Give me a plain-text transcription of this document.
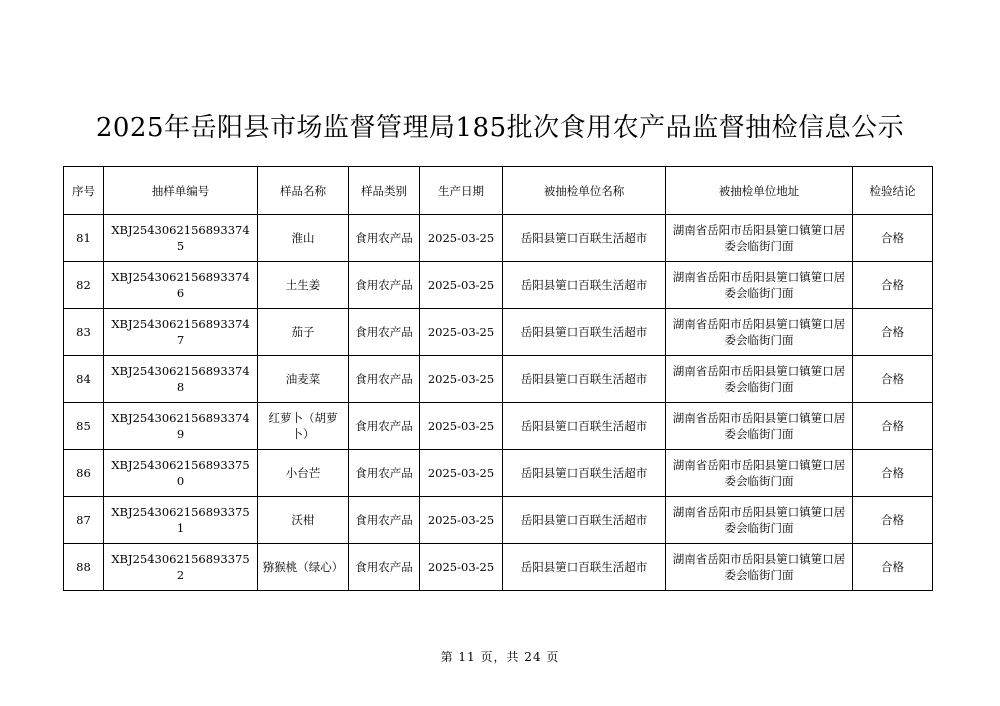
2025年岳阳县市场监督管理局185批次食用农产品监督抽检信息公示
序号	抽样单编号	样品名称	样品类别	生产日期	被抽检单位名称	被抽检单位地址	检验结论
81	XBJ25430621568933745	淮山	食用农产品	2025-03-25	岳阳县筻口百联生活超市	湖南省岳阳市岳阳县筻口镇筻口居委会临街门面	合格
82	XBJ25430621568933746	土生姜	食用农产品	2025-03-25	岳阳县筻口百联生活超市	湖南省岳阳市岳阳县筻口镇筻口居委会临街门面	合格
83	XBJ25430621568933747	茄子	食用农产品	2025-03-25	岳阳县筻口百联生活超市	湖南省岳阳市岳阳县筻口镇筻口居委会临街门面	合格
84	XBJ25430621568933748	油麦菜	食用农产品	2025-03-25	岳阳县筻口百联生活超市	湖南省岳阳市岳阳县筻口镇筻口居委会临街门面	合格
85	XBJ25430621568933749	红萝卜（胡萝卜）	食用农产品	2025-03-25	岳阳县筻口百联生活超市	湖南省岳阳市岳阳县筻口镇筻口居委会临街门面	合格
86	XBJ25430621568933750	小台芒	食用农产品	2025-03-25	岳阳县筻口百联生活超市	湖南省岳阳市岳阳县筻口镇筻口居委会临街门面	合格
87	XBJ25430621568933751	沃柑	食用农产品	2025-03-25	岳阳县筻口百联生活超市	湖南省岳阳市岳阳县筻口镇筻口居委会临街门面	合格
88	XBJ25430621568933752	猕猴桃（绿心）	食用农产品	2025-03-25	岳阳县筻口百联生活超市	湖南省岳阳市岳阳县筻口镇筻口居委会临街门面	合格
第 11 页，共 24 页
